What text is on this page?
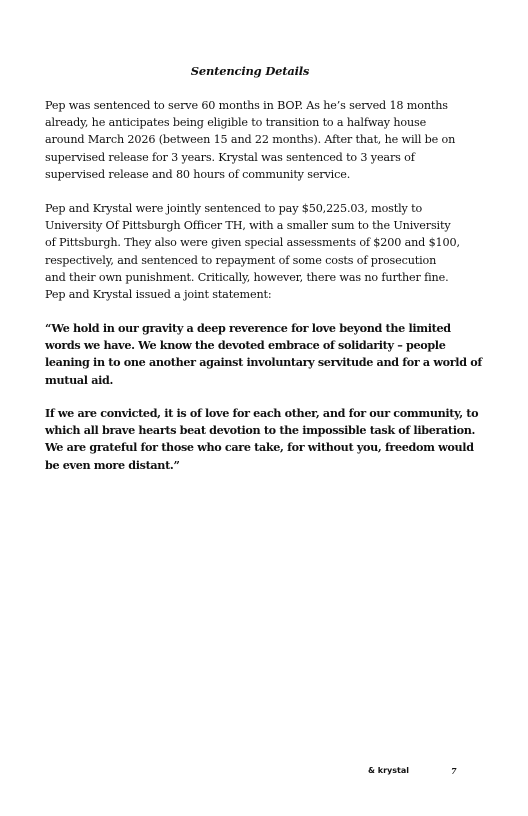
Sentencing Details
Pep was sentenced to serve 60 months in BOP. As he’s served 18 months
already, he anticipates being eligible to transition to a halfway house
around March 2026 (between 15 and 22 months). After that, he will be on
supervised release for 3 years. Krystal was sentenced to 3 years of
supervised release and 80 hours of community service.
Pep and Krystal were jointly sentenced to pay $50,225.03, mostly to
University Of Pittsburgh Officer TH, with a smaller sum to the University
of Pittsburgh. They also were given special assessments of $200 and $100,
respectively, and sentenced to repayment of some costs of prosecution
and their own punishment. Critically, however, there was no further fine.
Pep and Krystal issued a joint statement:
“We hold in our gravity a deep reverence for love beyond the limited
words we have. We know the devoted embrace of solidarity – people
leaning in to one another against involuntary servitude and for a world of
mutual aid.
If we are convicted, it is of love for each other, and for our community, to
which all brave hearts beat devotion to the impossible task of liberation.
We are grateful for those who care take, for without you, freedom would
be even more distant.”
& krystal	7
